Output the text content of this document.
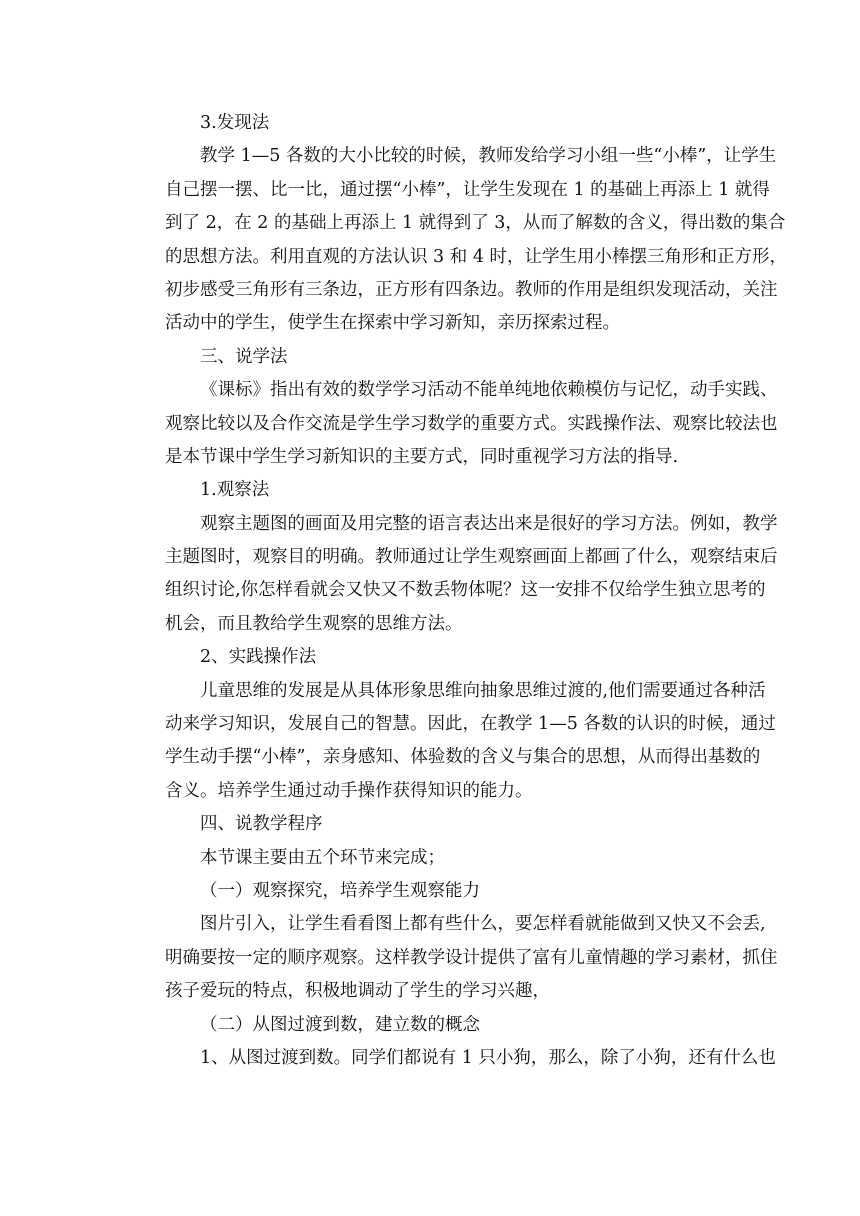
3.发现法
教学 1—5 各数的大小比较的时候，教师发给学习小组一些“小棒”，让学生
自己摆一摆、比一比，通过摆“小棒”，让学生发现在 1 的基础上再添上 1 就得
到了 2，在 2 的基础上再添上 1 就得到了 3，从而了解数的含义，得出数的集合
的思想方法。利用直观的方法认识 3 和 4 时，让学生用小棒摆三角形和正方形，
初步感受三角形有三条边，正方形有四条边。教师的作用是组织发现活动，关注
活动中的学生，使学生在探索中学习新知，亲历探索过程。
三、说学法
《课标》指出有效的数学学习活动不能单纯地依赖模仿与记忆，动手实践、
观察比较以及合作交流是学生学习数学的重要方式。实践操作法、观察比较法也
是本节课中学生学习新知识的主要方式，同时重视学习方法的指导.
1.观察法
观察主题图的画面及用完整的语言表达出来是很好的学习方法。例如，教学
主题图时，观察目的明确。教师通过让学生观察画面上都画了什么，观察结束后
组织讨论,你怎样看就会又快又不数丢物体呢？这一安排不仅给学生独立思考的
机会，而且教给学生观察的思维方法。
2、实践操作法
儿童思维的发展是从具体形象思维向抽象思维过渡的,他们需要通过各种活
动来学习知识，发展自己的智慧。因此，在教学 1—5 各数的认识的时候，通过
学生动手摆“小棒”，亲身感知、体验数的含义与集合的思想，从而得出基数的
含义。培养学生通过动手操作获得知识的能力。
四、说教学程序
本节课主要由五个环节来完成；
（一）观察探究，培养学生观察能力
图片引入，让学生看看图上都有些什么，要怎样看就能做到又快又不会丢,
明确要按一定的顺序观察。这样教学设计提供了富有儿童情趣的学习素材，抓住
孩子爱玩的特点，积极地调动了学生的学习兴趣，
（二）从图过渡到数，建立数的概念
1、从图过渡到数。同学们都说有 1 只小狗，那么，除了小狗，还有什么也
